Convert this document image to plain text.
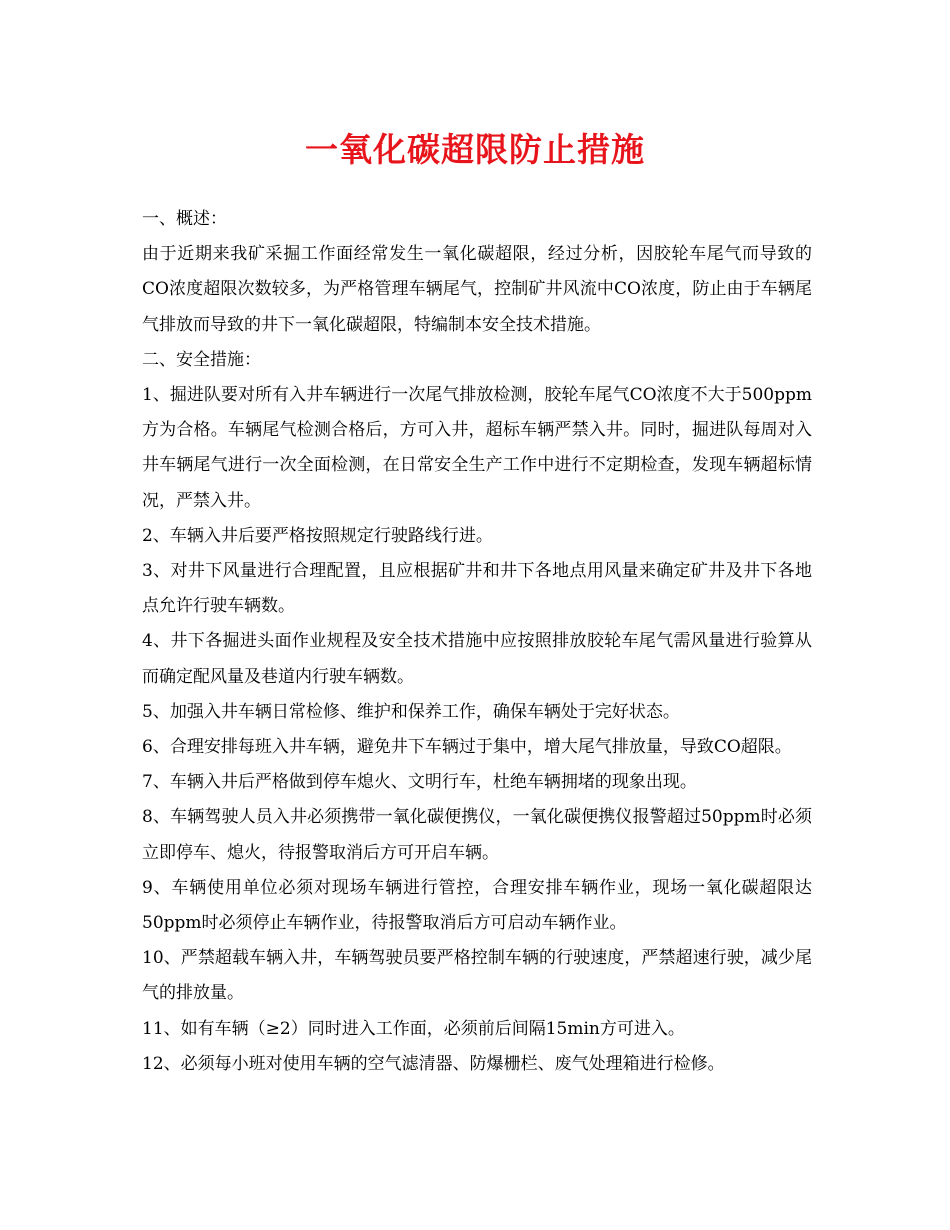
一氧化碳超限防止措施

一、概述：

由于近期来我矿采掘工作面经常发生一氧化碳超限，经过分析，因胶轮车尾气而导致的CO浓度超限次数较多，为严格管理车辆尾气，控制矿井风流中CO浓度，防止由于车辆尾气排放而导致的井下一氧化碳超限，特编制本安全技术措施。

二、安全措施：

1、掘进队要对所有入井车辆进行一次尾气排放检测，胶轮车尾气CO浓度不大于500ppm方为合格。车辆尾气检测合格后，方可入井，超标车辆严禁入井。同时，掘进队每周对入井车辆尾气进行一次全面检测，在日常安全生产工作中进行不定期检查，发现车辆超标情况，严禁入井。

2、车辆入井后要严格按照规定行驶路线行进。

3、对井下风量进行合理配置，且应根据矿井和井下各地点用风量来确定矿井及井下各地点允许行驶车辆数。

4、井下各掘进头面作业规程及安全技术措施中应按照排放胶轮车尾气需风量进行验算从而确定配风量及巷道内行驶车辆数。

5、加强入井车辆日常检修、维护和保养工作，确保车辆处于完好状态。

6、合理安排每班入井车辆，避免井下车辆过于集中，增大尾气排放量，导致CO超限。

7、车辆入井后严格做到停车熄火、文明行车，杜绝车辆拥堵的现象出现。

8、车辆驾驶人员入井必须携带一氧化碳便携仪，一氧化碳便携仪报警超过50ppm时必须立即停车、熄火，待报警取消后方可开启车辆。

9、车辆使用单位必须对现场车辆进行管控，合理安排车辆作业，现场一氧化碳超限达50ppm时必须停止车辆作业，待报警取消后方可启动车辆作业。

10、严禁超载车辆入井，车辆驾驶员要严格控制车辆的行驶速度，严禁超速行驶，减少尾气的排放量。

11、如有车辆（≥2）同时进入工作面，必须前后间隔15min方可进入。

12、必须每小班对使用车辆的空气滤清器、防爆栅栏、废气处理箱进行检修。
